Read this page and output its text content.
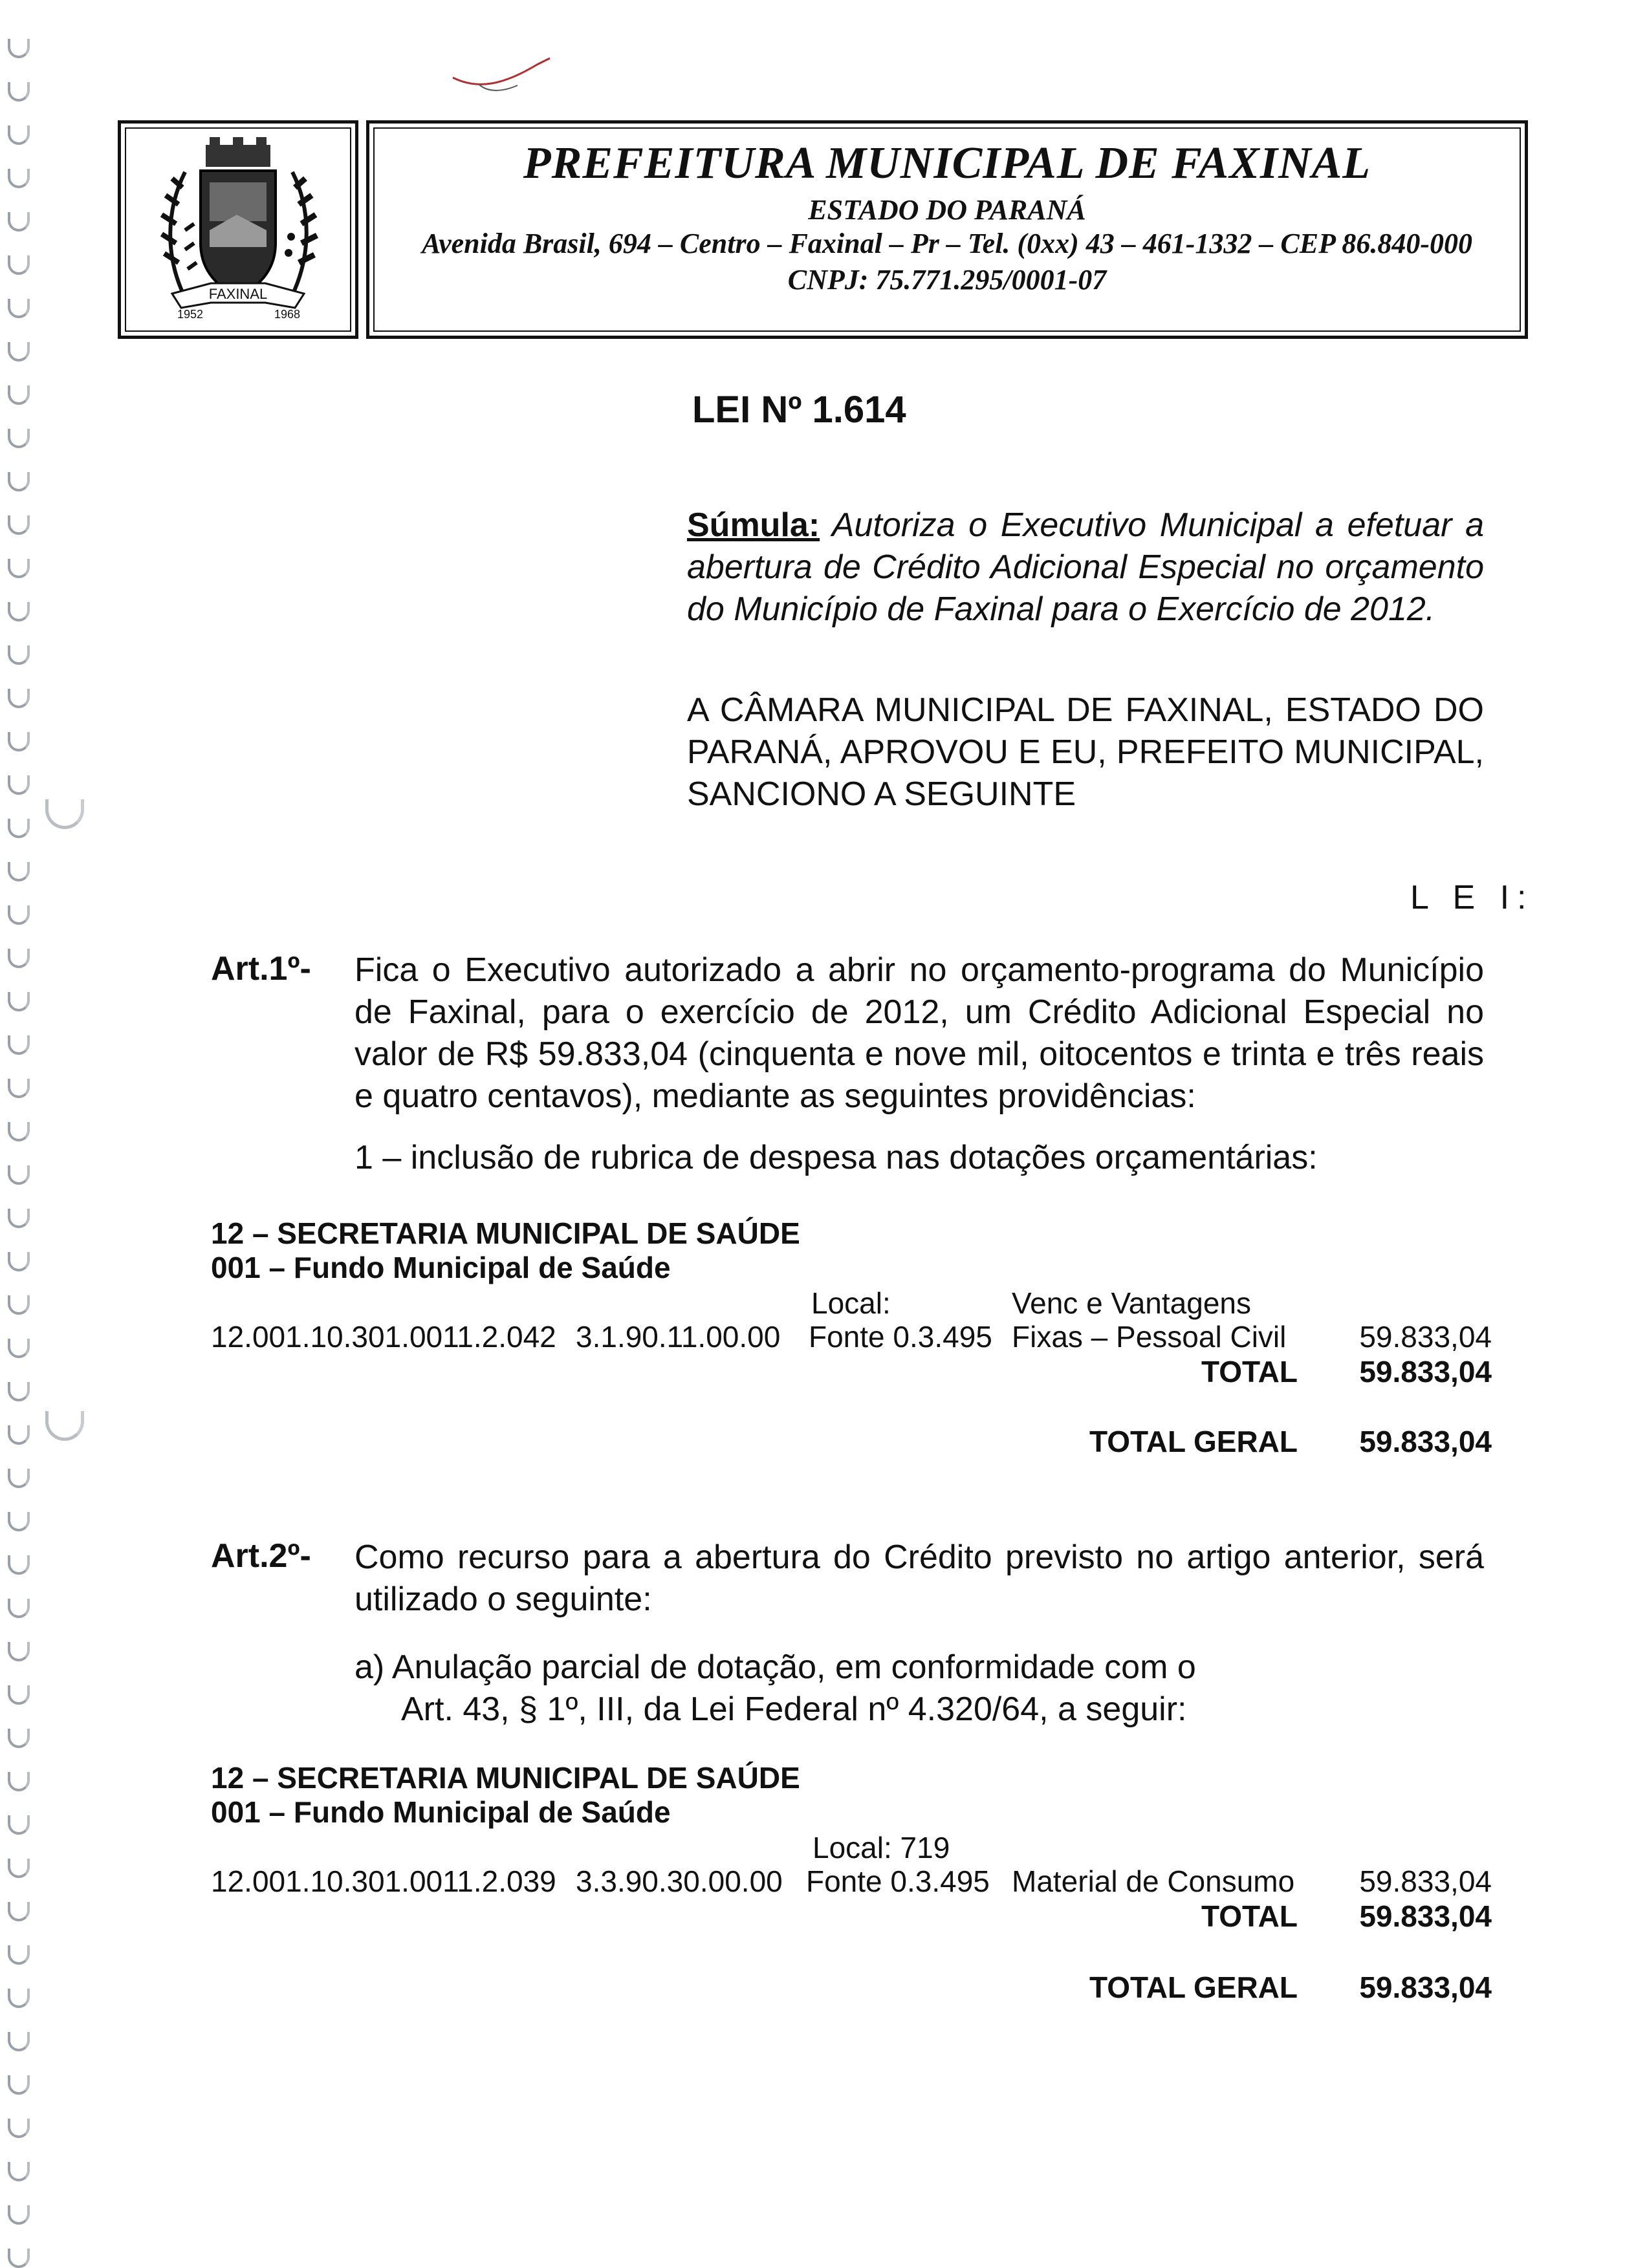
FAXINAL
1952	1968
PREFEITURA MUNICIPAL DE FAXINAL
ESTADO DO PARANÁ
Avenida Brasil, 694 – Centro – Faxinal – Pr – Tel. (0xx) 43 – 461-1332 – CEP 86.840-000
CNPJ: 75.771.295/0001-07
LEI Nº 1.614
Súmula: Autoriza o Executivo Municipal a efetuar a abertura de Crédito Adicional Especial no orçamento do Município de Faxinal para o Exercício de 2012.
A CÂMARA MUNICIPAL DE FAXINAL, ESTADO DO PARANÁ, APROVOU E EU, PREFEITO MUNICIPAL, SANCIONO A SEGUINTE
L E I:
Art.1º- Fica o Executivo autorizado a abrir no orçamento-programa do Município de Faxinal, para o exercício de 2012, um Crédito Adicional Especial no valor de R$ 59.833,04 (cinquenta e nove mil, oitocentos e trinta e três reais e quatro centavos), mediante as seguintes providências:
1 – inclusão de rubrica de despesa nas dotações orçamentárias:
12 – SECRETARIA MUNICIPAL DE SAÚDE
001 – Fundo Municipal de Saúde
Local:	Venc e Vantagens
12.001.10.301.0011.2.042 3.1.90.11.00.00 Fonte 0.3.495 Fixas – Pessoal Civil	59.833,04
TOTAL	59.833,04
TOTAL GERAL	59.833,04
Art.2º- Como recurso para a abertura do Crédito previsto no artigo anterior, será utilizado o seguinte:
a) Anulação parcial de dotação, em conformidade com o
Art. 43, § 1º, III, da Lei Federal nº 4.320/64, a seguir:
12 – SECRETARIA MUNICIPAL DE SAÚDE
001 – Fundo Municipal de Saúde
Local: 719
12.001.10.301.0011.2.039 3.3.90.30.00.00 Fonte 0.3.495 Material de Consumo	59.833,04
TOTAL	59.833,04
TOTAL GERAL	59.833,04
